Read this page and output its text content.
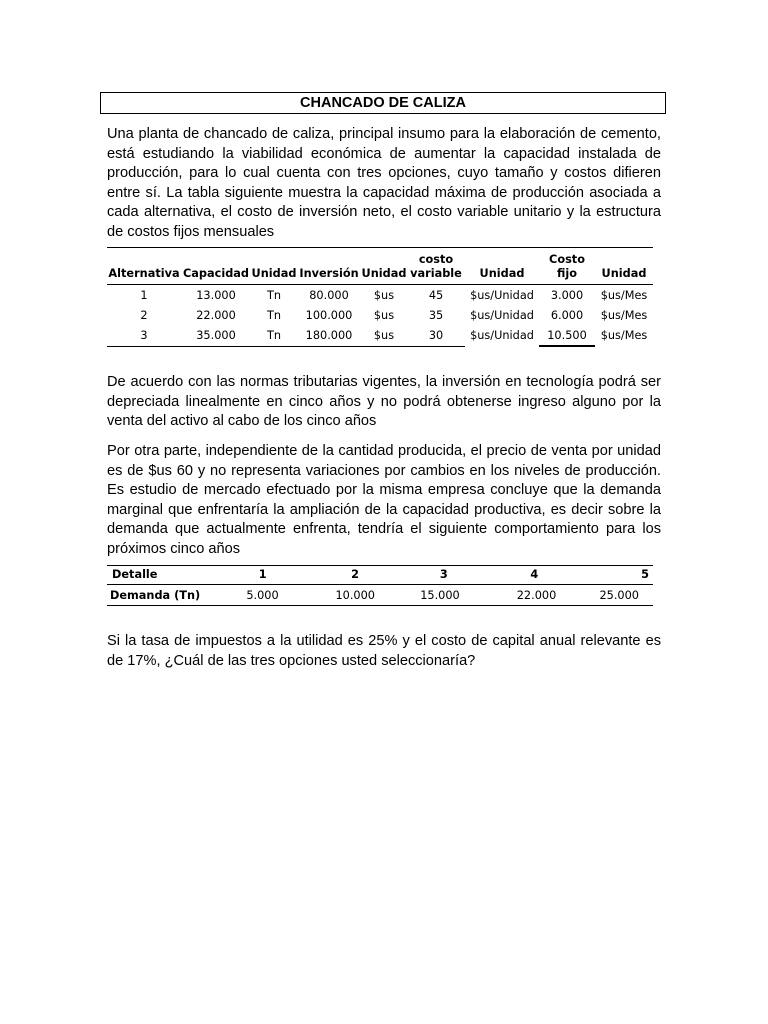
CHANCADO DE CALIZA

Una planta de chancado de caliza, principal insumo para la elaboración de cemento, está estudiando la viabilidad económica de aumentar la capacidad instalada de producción, para lo cual cuenta con tres opciones, cuyo tamaño y costos difieren entre sí. La tabla siguiente muestra la capacidad máxima de producción asociada a cada alternativa, el costo de inversión neto, el costo variable unitario y la estructura de costos fijos mensuales

Alternativa	Capacidad	Unidad	Inversión	Unidad	costo variable	Unidad	Costo fijo	Unidad
1	13.000	Tn	80.000	$us	45	$us/Unidad	3.000	$us/Mes
2	22.000	Tn	100.000	$us	35	$us/Unidad	6.000	$us/Mes
3	35.000	Tn	180.000	$us	30	$us/Unidad	10.500	$us/Mes

De acuerdo con las normas tributarias vigentes, la inversión en tecnología podrá ser depreciada linealmente en cinco años y no podrá obtenerse ingreso alguno por la venta del activo al cabo de los cinco años

Por otra parte, independiente de la cantidad producida, el precio de venta por unidad es de $us 60 y no representa variaciones por cambios en los niveles de producción. Es estudio de mercado efectuado por la misma empresa concluye que la demanda marginal que enfrentaría la ampliación de la capacidad productiva, es decir sobre la demanda que actualmente enfrenta, tendría el siguiente comportamiento para los próximos cinco años

Detalle	1	2	3	4	5
Demanda (Tn)	5.000	10.000	15.000	22.000	25.000

Si la tasa de impuestos a la utilidad es 25% y el costo de capital anual relevante es de 17%, ¿Cuál de las tres opciones usted seleccionaría?
